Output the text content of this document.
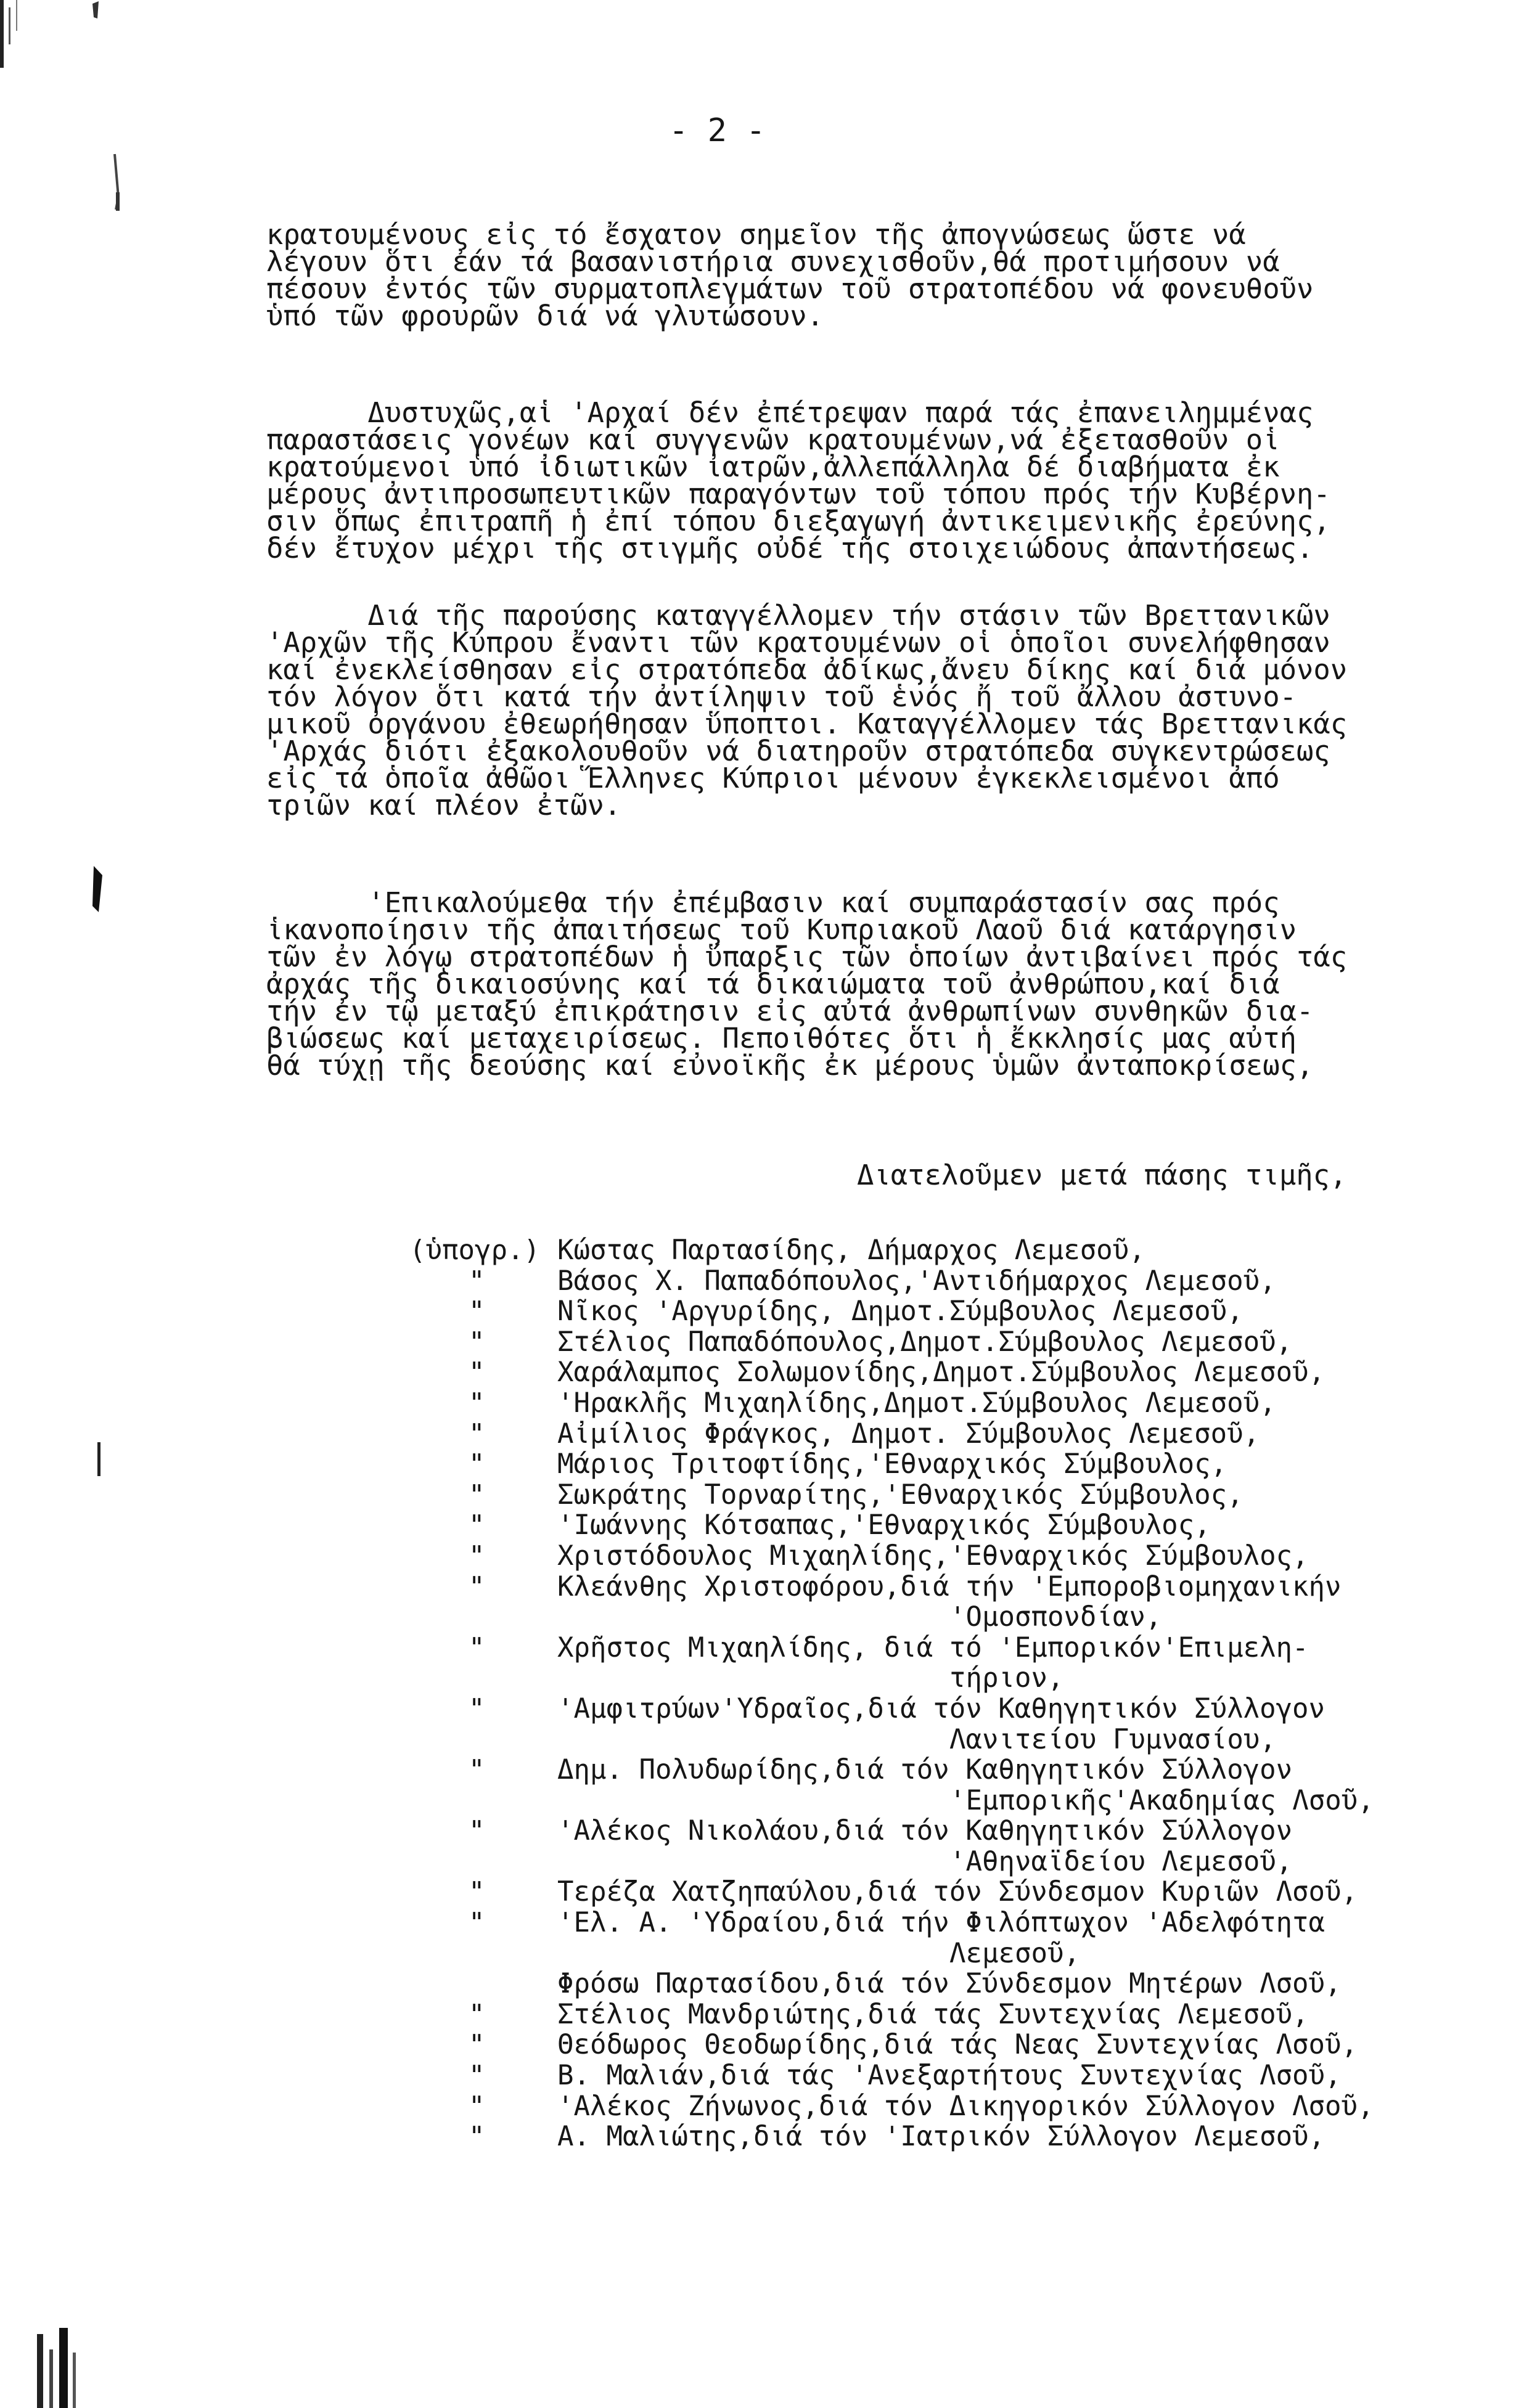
- 2 -
κρατουμένους εἰς τό ἔσχατον σημεῖον τῆς ἀπογνώσεως ὥστε νά
λέγουν ὅτι ἐάν τά βασανιστήρια συνεχισθοῦν,θά προτιμήσουν νά
πέσουν ἐντός τῶν συρματοπλεγμάτων τοῦ στρατοπέδου νά φονευθοῦν
ὑπό τῶν φρουρῶν διά νά γλυτώσουν.
Δυστυχῶς,αἱ 'Αρχαί δέν ἐπέτρεψαν παρά τάς ἐπανειλημμένας
παραστάσεις γονέων καί συγγενῶν κρατουμένων,νά ἐξετασθοῦν οἱ
κρατούμενοι ὑπό ἰδιωτικῶν ἰατρῶν,ἀλλεπάλληλα δέ διαβήματα ἐκ
μέρους ἀντιπροσωπευτικῶν παραγόντων τοῦ τόπου πρός τήν Κυβέρνη-
σιν ὅπως ἐπιτραπῆ ἡ ἐπί τόπου διεξαγωγή ἀντικειμενικῆς ἐρεύνης,
δέν ἔτυχον μέχρι τῆς στιγμῆς οὐδέ τῆς στοιχειώδους ἀπαντήσεως.
Διά τῆς παρούσης καταγγέλλομεν τήν στάσιν τῶν Βρεττανικῶν
'Αρχῶν τῆς Κύπρου ἔναντι τῶν κρατουμένων οἱ ὁποῖοι συνελήφθησαν
καί ἐνεκλείσθησαν εἰς στρατόπεδα ἀδίκως,ἄνευ δίκης καί διά μόνον
τόν λόγον ὅτι κατά τήν ἀντίληψιν τοῦ ἑνός ἤ τοῦ ἄλλου ἀστυνο-
μικοῦ ὀργάνου ἐθεωρήθησαν ὕποπτοι. Καταγγέλλομεν τάς Βρεττανικάς
'Αρχάς διότι ἐξακολουθοῦν νά διατηροῦν στρατόπεδα συγκεντρώσεως
εἰς τά ὁποῖα ἀθῶοι Ἕλληνες Κύπριοι μένουν ἐγκεκλεισμένοι ἀπό
τριῶν καί πλέον ἐτῶν.
'Επικαλούμεθα τήν ἐπέμβασιν καί συμπαράστασίν σας πρός
ἱκανοποίησιν τῆς ἀπαιτήσεως τοῦ Κυπριακοῦ Λαοῦ διά κατάργησιν
τῶν ἐν λόγῳ στρατοπέδων ἡ ὕπαρξις τῶν ὁποίων ἀντιβαίνει πρός τάς
ἀρχάς τῆς δικαιοσύνης καί τά δικαιώματα τοῦ ἀνθρώπου,καί διά
τήν ἐν τῷ μεταξύ ἐπικράτησιν εἰς αὐτά ἀνθρωπίνων συνθηκῶν δια-
βιώσεως καί μεταχειρίσεως. Πεποιθότες ὅτι ἡ ἔκκλησίς μας αὐτή
θά τύχῃ τῆς δεούσης καί εὐνοϊκῆς ἐκ μέρους ὑμῶν ἀνταποκρίσεως,
Διατελοῦμεν μετά πάσης τιμῆς,
(ὑπογρ.) Κώστας Παρτασίδης, Δήμαρχος Λεμεσοῦ,
"	Βάσος Χ. Παπαδόπουλος,'Αντιδήμαρχος Λεμεσοῦ,
"	Νῖκος 'Αργυρίδης, Δημοτ.Σύμβουλος Λεμεσοῦ,
"	Στέλιος Παπαδόπουλος,Δημοτ.Σύμβουλος Λεμεσοῦ,
"	Χαράλαμπος Σολωμονίδης,Δημοτ.Σύμβουλος Λεμεσοῦ,
"	'Ηρακλῆς Μιχαηλίδης,Δημοτ.Σύμβουλος Λεμεσοῦ,
"	Αἰμίλιος Φράγκος, Δημοτ. Σύμβουλος Λεμεσοῦ,
"	Μάριος Τριτοφτίδης,'Εθναρχικός Σύμβουλος,
"	Σωκράτης Τορναρίτης,'Εθναρχικός Σύμβουλος,
"	'Ιωάννης Κότσαπας,'Εθναρχικός Σύμβουλος,
"	Χριστόδουλος Μιχαηλίδης,'Εθναρχικός Σύμβουλος,
"	Κλεάνθης Χριστοφόρου,διά τήν 'Εμποροβιομηχανικήν
'Ομοσπονδίαν,
"	Χρῆστος Μιχαηλίδης, διά τό 'Εμπορικόν'Επιμελη-
τήριον,
"	'Αμφιτρύων'Υδραῖος,διά τόν Καθηγητικόν Σύλλογον
Λανιτείου Γυμνασίου,
"	Δημ. Πολυδωρίδης,διά τόν Καθηγητικόν Σύλλογον
'Εμπορικῆς'Ακαδημίας Λσοῦ,
"	'Αλέκος Νικολάου,διά τόν Καθηγητικόν Σύλλογον
'Αθηναϊδείου Λεμεσοῦ,
"	Τερέζα Χατζηπαύλου,διά τόν Σύνδεσμον Κυριῶν Λσοῦ,
"	'Ελ. Α. 'Υδραίου,διά τήν Φιλόπτωχον 'Αδελφότητα
Λεμεσοῦ,
Φρόσω Παρτασίδου,διά τόν Σύνδεσμον Μητέρων Λσοῦ,
"	Στέλιος Μανδριώτης,διά τάς Συντεχνίας Λεμεσοῦ,
"	Θεόδωρος Θεοδωρίδης,διά τάς Νεας Συντεχνίας Λσοῦ,
"	Β. Μαλιάν,διά τάς 'Ανεξαρτήτους Συντεχνίας Λσοῦ,
"	'Αλέκος Ζήνωνος,διά τόν Δικηγορικόν Σύλλογον Λσοῦ,
"	Α. Μαλιώτης,διά τόν 'Ιατρικόν Σύλλογον Λεμεσοῦ,
